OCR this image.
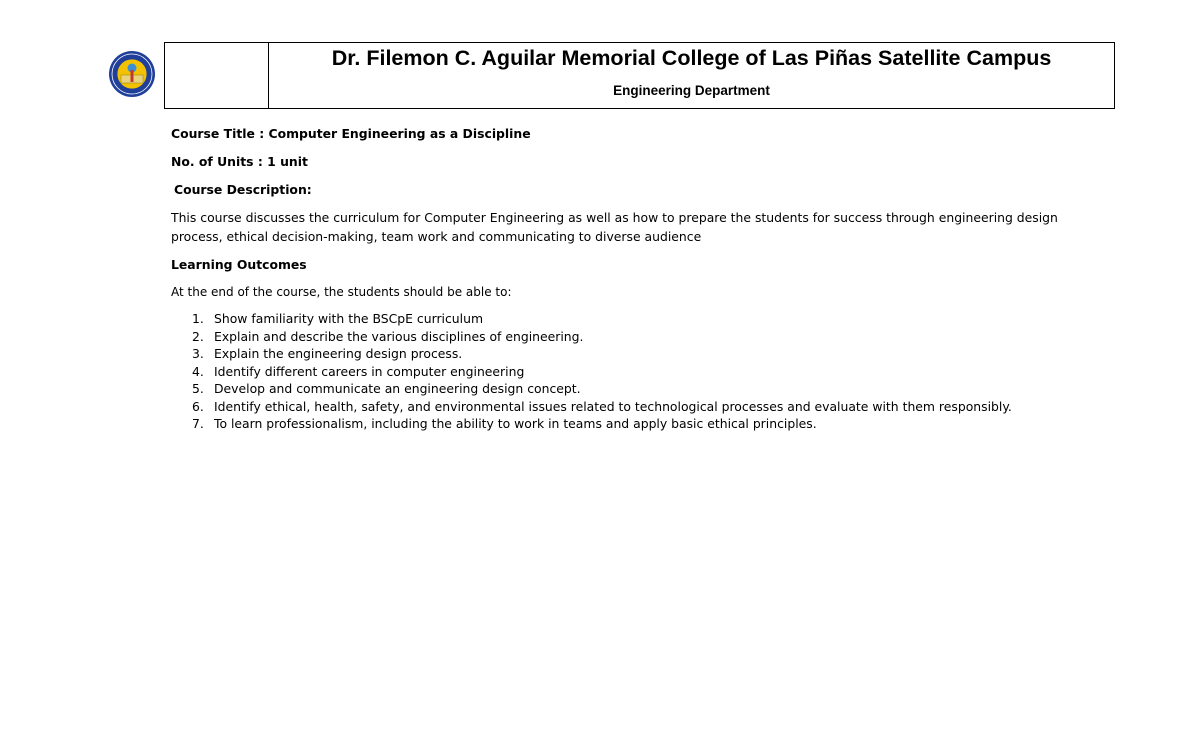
Dr. Filemon C. Aguilar Memorial College of Las Piñas Satellite Campus
Engineering Department

Course Title : Computer Engineering as a Discipline

No. of Units : 1 unit

Course Description:

This course discusses the curriculum for Computer Engineering as well as how to prepare the students for success through engineering design process, ethical decision-making, team work and communicating to diverse audience

Learning Outcomes

At the end of the course, the students should be able to:

1. Show familiarity with the BSCpE curriculum
2. Explain and describe the various disciplines of engineering.
3. Explain the engineering design process.
4. Identify different careers in computer engineering
5. Develop and communicate an engineering design concept.
6. Identify ethical, health, safety, and environmental issues related to technological processes and evaluate with them responsibly.
7. To learn professionalism, including the ability to work in teams and apply basic ethical principles.
